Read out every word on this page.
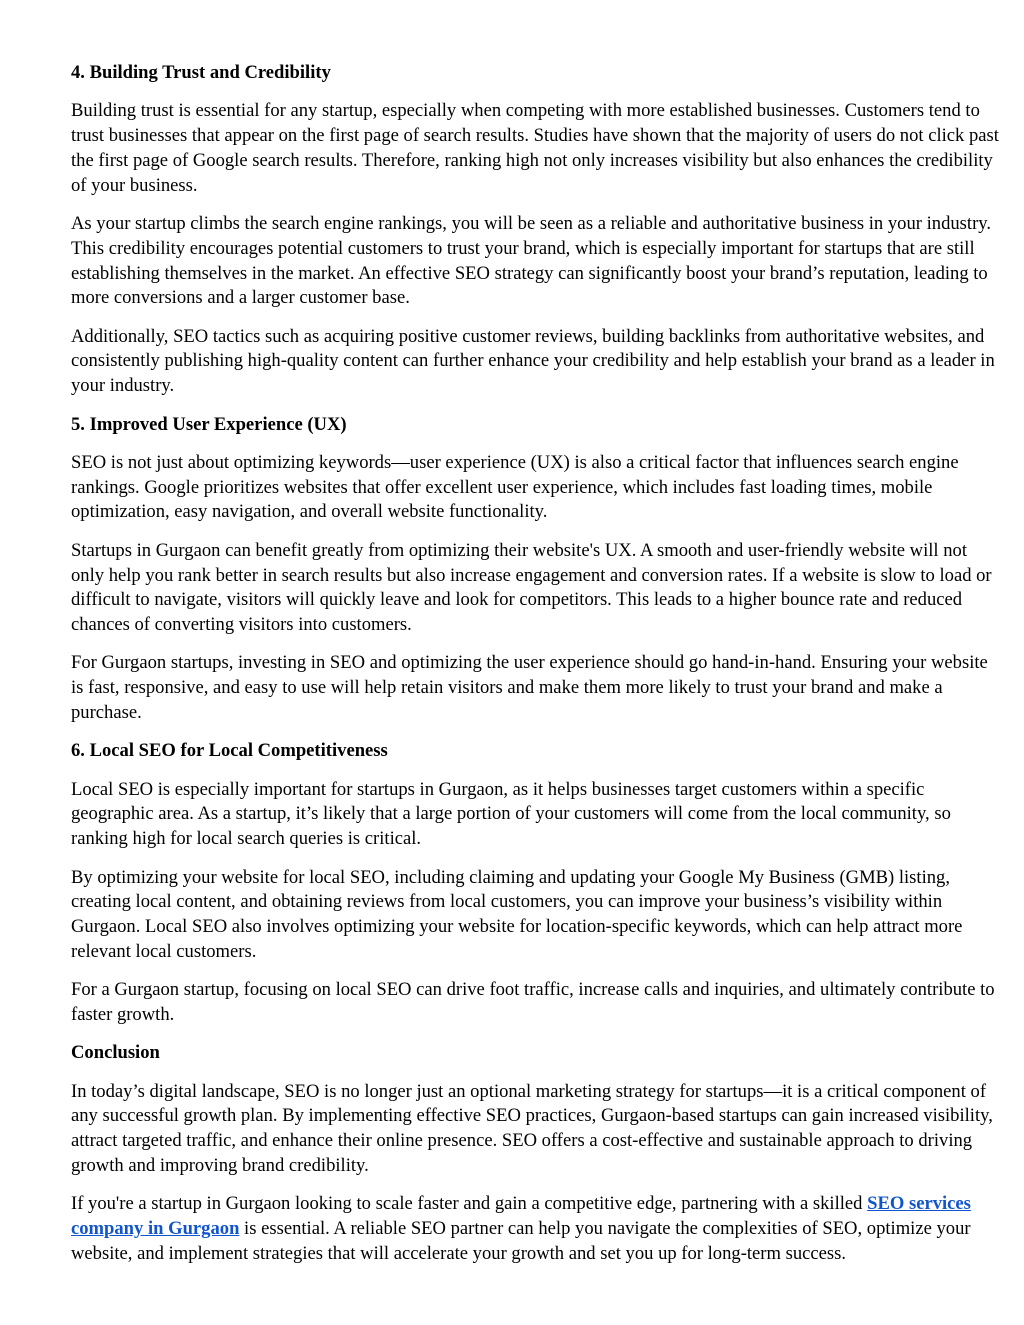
4. Building Trust and Credibility

Building trust is essential for any startup, especially when competing with more established businesses. Customers tend to trust businesses that appear on the first page of search results. Studies have shown that the majority of users do not click past the first page of Google search results. Therefore, ranking high not only increases visibility but also enhances the credibility of your business.

As your startup climbs the search engine rankings, you will be seen as a reliable and authoritative business in your industry. This credibility encourages potential customers to trust your brand, which is especially important for startups that are still establishing themselves in the market. An effective SEO strategy can significantly boost your brand’s reputation, leading to more conversions and a larger customer base.

Additionally, SEO tactics such as acquiring positive customer reviews, building backlinks from authoritative websites, and consistently publishing high-quality content can further enhance your credibility and help establish your brand as a leader in your industry.

5. Improved User Experience (UX)

SEO is not just about optimizing keywords—user experience (UX) is also a critical factor that influences search engine rankings. Google prioritizes websites that offer excellent user experience, which includes fast loading times, mobile optimization, easy navigation, and overall website functionality.

Startups in Gurgaon can benefit greatly from optimizing their website's UX. A smooth and user-friendly website will not only help you rank better in search results but also increase engagement and conversion rates. If a website is slow to load or difficult to navigate, visitors will quickly leave and look for competitors. This leads to a higher bounce rate and reduced chances of converting visitors into customers.

For Gurgaon startups, investing in SEO and optimizing the user experience should go hand-in-hand. Ensuring your website is fast, responsive, and easy to use will help retain visitors and make them more likely to trust your brand and make a purchase.

6. Local SEO for Local Competitiveness

Local SEO is especially important for startups in Gurgaon, as it helps businesses target customers within a specific geographic area. As a startup, it’s likely that a large portion of your customers will come from the local community, so ranking high for local search queries is critical.

By optimizing your website for local SEO, including claiming and updating your Google My Business (GMB) listing, creating local content, and obtaining reviews from local customers, you can improve your business’s visibility within Gurgaon. Local SEO also involves optimizing your website for location-specific keywords, which can help attract more relevant local customers.

For a Gurgaon startup, focusing on local SEO can drive foot traffic, increase calls and inquiries, and ultimately contribute to faster growth.

Conclusion

In today’s digital landscape, SEO is no longer just an optional marketing strategy for startups—it is a critical component of any successful growth plan. By implementing effective SEO practices, Gurgaon-based startups can gain increased visibility, attract targeted traffic, and enhance their online presence. SEO offers a cost-effective and sustainable approach to driving growth and improving brand credibility.

If you're a startup in Gurgaon looking to scale faster and gain a competitive edge, partnering with a skilled SEO services company in Gurgaon is essential. A reliable SEO partner can help you navigate the complexities of SEO, optimize your website, and implement strategies that will accelerate your growth and set you up for long-term success.
